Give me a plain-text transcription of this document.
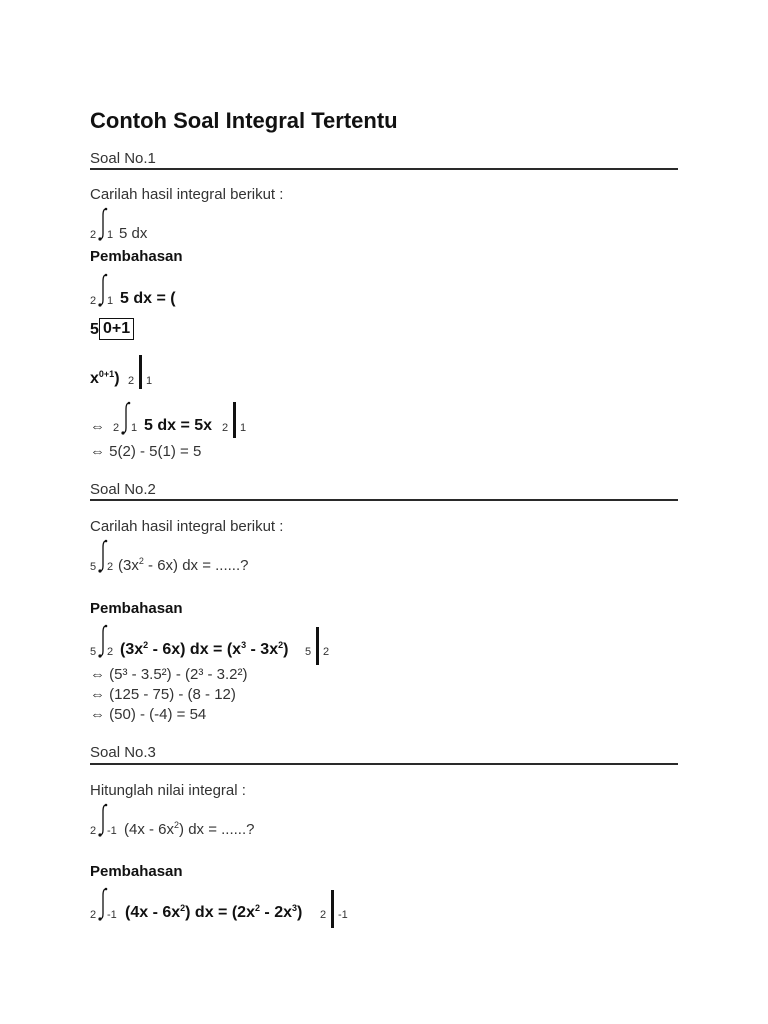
Contoh Soal Integral Tertentu
Soal No.1
Carilah hasil integral berikut :
2 1 5 dx
Pembahasan
2 1 5 dx = (
5 0+1
$x^{0+1}$) 2 1
⇔ 2 1 5 dx = 5x 2 1
⇔ 5(2) - 5(1) = 5
Soal No.2
Carilah hasil integral berikut :
5 2 $(3x^2 - 6x)$ dx = ......?
Pembahasan
5 2 $(3x^2 - 6x)$ dx = $(x^3 - 3x^2)$ 5 2
⇔ (5³ - 3.5²) - (2³ - 3.2²)
⇔ (125 - 75) - (8 - 12)
⇔ (50) - (-4) = 54
Soal No.3
Hitunglah nilai integral :
2 -1 $(4x - 6x^2)$ dx = ......?
Pembahasan
2 -1 $(4x - 6x^2)$ dx = $(2x^2 - 2x^3)$ 2 -1
